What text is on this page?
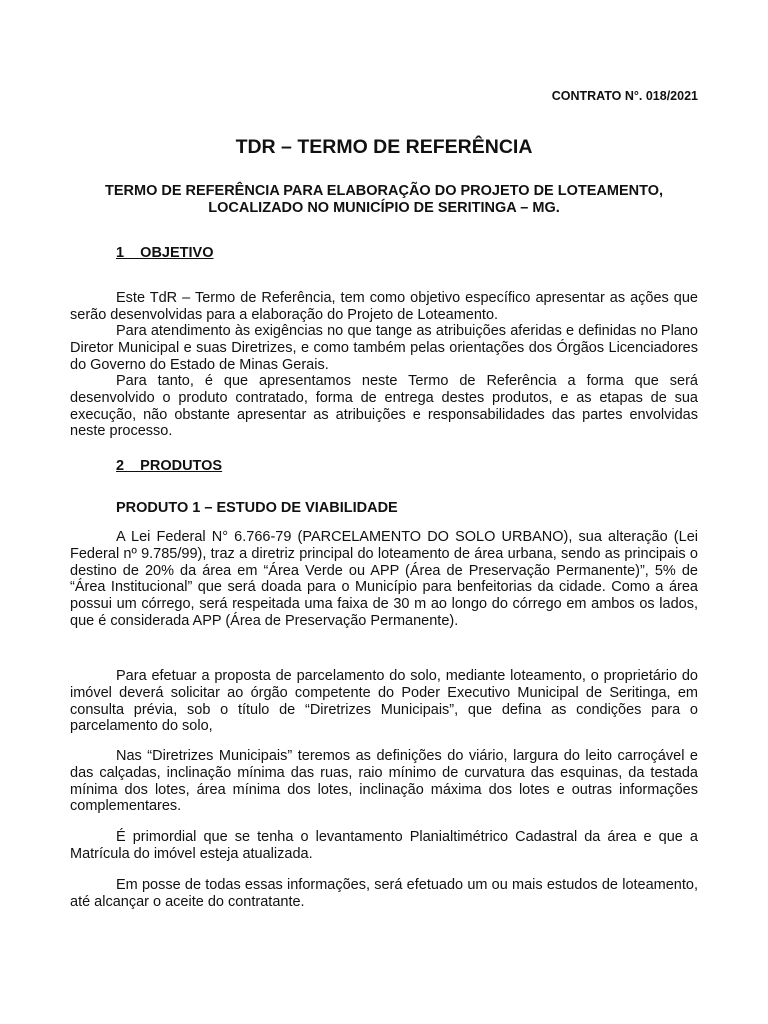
CONTRATO N°. 018/2021
TDR – TERMO DE REFERÊNCIA
TERMO DE REFERÊNCIA PARA ELABORAÇÃO DO PROJETO DE LOTEAMENTO, LOCALIZADO NO MUNICÍPIO DE SERITINGA – MG.
1 _ OBJETIVO

Este TdR – Termo de Referência, tem como objetivo específico apresentar as ações que serão desenvolvidas para a elaboração do Projeto de Loteamento.

Para atendimento às exigências no que tange as atribuições aferidas e definidas no Plano Diretor Municipal e suas Diretrizes, e como também pelas orientações dos Órgãos Licenciadores do Governo do Estado de Minas Gerais.

Para tanto, é que apresentamos neste Termo de Referência a forma que será desenvolvido o produto contratado, forma de entrega destes produtos, e as etapas de sua execução, não obstante apresentar as atribuições e responsabilidades das partes envolvidas neste processo.

2 _ PRODUTOS
PRODUTO 1 – ESTUDO DE VIABILIDADE

A Lei Federal N° 6.766-79 (PARCELAMENTO DO SOLO URBANO), sua alteração (Lei Federal nº 9.785/99), traz a diretriz principal do loteamento de área urbana, sendo as principais o destino de 20% da área em “Área Verde ou APP (Área de Preservação Permanente)”, 5% de “Área Institucional” que será doada para o Município para benfeitorias da cidade. Como a área possui um córrego, será respeitada uma faixa de 30 m ao longo do córrego em ambos os lados, que é considerada APP (Área de Preservação Permanente).

Para efetuar a proposta de parcelamento do solo, mediante loteamento, o proprietário do imóvel deverá solicitar ao órgão competente do Poder Executivo Municipal de Seritinga, em consulta prévia, sob o título de “Diretrizes Municipais”, que defina as condições para o parcelamento do solo,

Nas “Diretrizes Municipais” teremos as definições do viário, largura do leito carroçável e das calçadas, inclinação mínima das ruas, raio mínimo de curvatura das esquinas, da testada mínima dos lotes, área mínima dos lotes, inclinação máxima dos lotes e outras informações complementares.

É primordial que se tenha o levantamento Planialtimétrico Cadastral da área e que a Matrícula do imóvel esteja atualizada.

Em posse de todas essas informações, será efetuado um ou mais estudos de loteamento, até alcançar o aceite do contratante.
